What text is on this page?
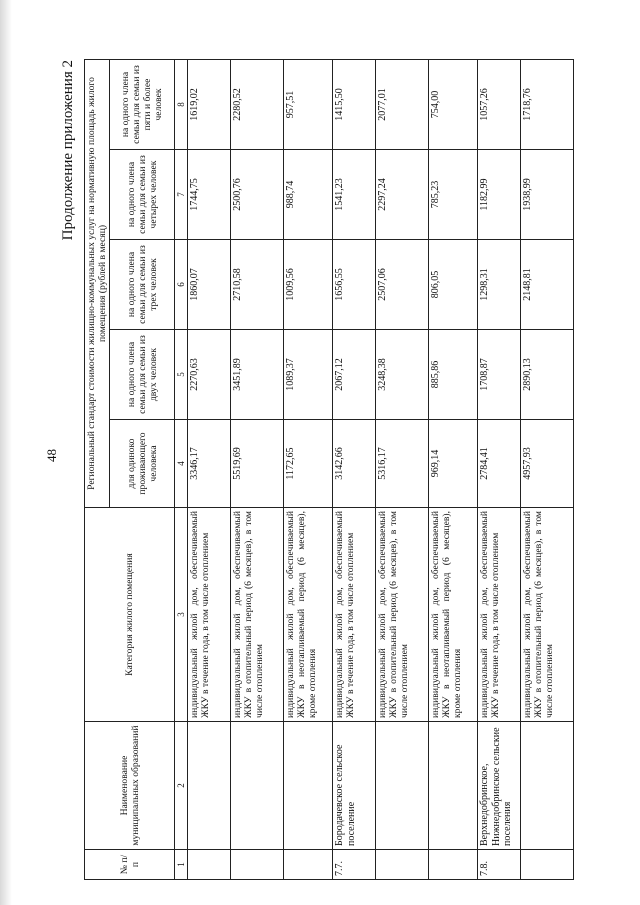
48
Продолжение приложения 2
№ п/п	Наименование муниципальных образований	Категория жилого помещения	Региональный стандарт стоимости жилищно-коммунальных услуг на нормативную площадь жилого помещения (рублей в месяц)				
			для одиноко проживающего человека	на одного члена семьи для семьи из двух человек	на одного члена семьи для семьи из трех человек	на одного члена семьи для семьи из четырех человек	на одного члена семьи для семьи из пяти и более человек

1	2	3	4	5	6	7	8
		индивидуальный жилой дом, обеспечиваемый ЖКУ в течение года, в том числе отоплением	3346,17	2270,63	1860,07	1744,75	1619,02
		индивидуальный жилой дом, обеспечиваемый ЖКУ в отопительный период (6 месяцев), в том числе отоплением	5519,69	3451,89	2710,58	2500,76	2280,52
		индивидуальный жилой дом, обеспечиваемый ЖКУ в неотапливаемый период (6 месяцев), кроме отопления	1172,65	1089,37	1009,56	988,74	957,51
7.7.	Бородачевское сельское поселение	индивидуальный жилой дом, обеспечиваемый ЖКУ в течение года, в том числе отоплением	3142,66	2067,12	1656,55	1541,23	1415,50
		индивидуальный жилой дом, обеспечиваемый ЖКУ в отопительный период (6 месяцев), в том числе отоплением	5316,17	3248,38	2507,06	2297,24	2077,01
		индивидуальный жилой дом, обеспечиваемый ЖКУ в неотапливаемый период (6 месяцев), кроме отопления	969,14	885,86	806,05	785,23	754,00
7.8.	Верхнедобринское, Нижнедобринское сельские поселения	индивидуальный жилой дом, обеспечиваемый ЖКУ в течение года, в том числе отоплением	2784,41	1708,87	1298,31	1182,99	1057,26
		индивидуальный жилой дом, обеспечиваемый ЖКУ в отопительный период (6 месяцев), в том числе отоплением	4957,93	2890,13	2148,81	1938,99	1718,76
